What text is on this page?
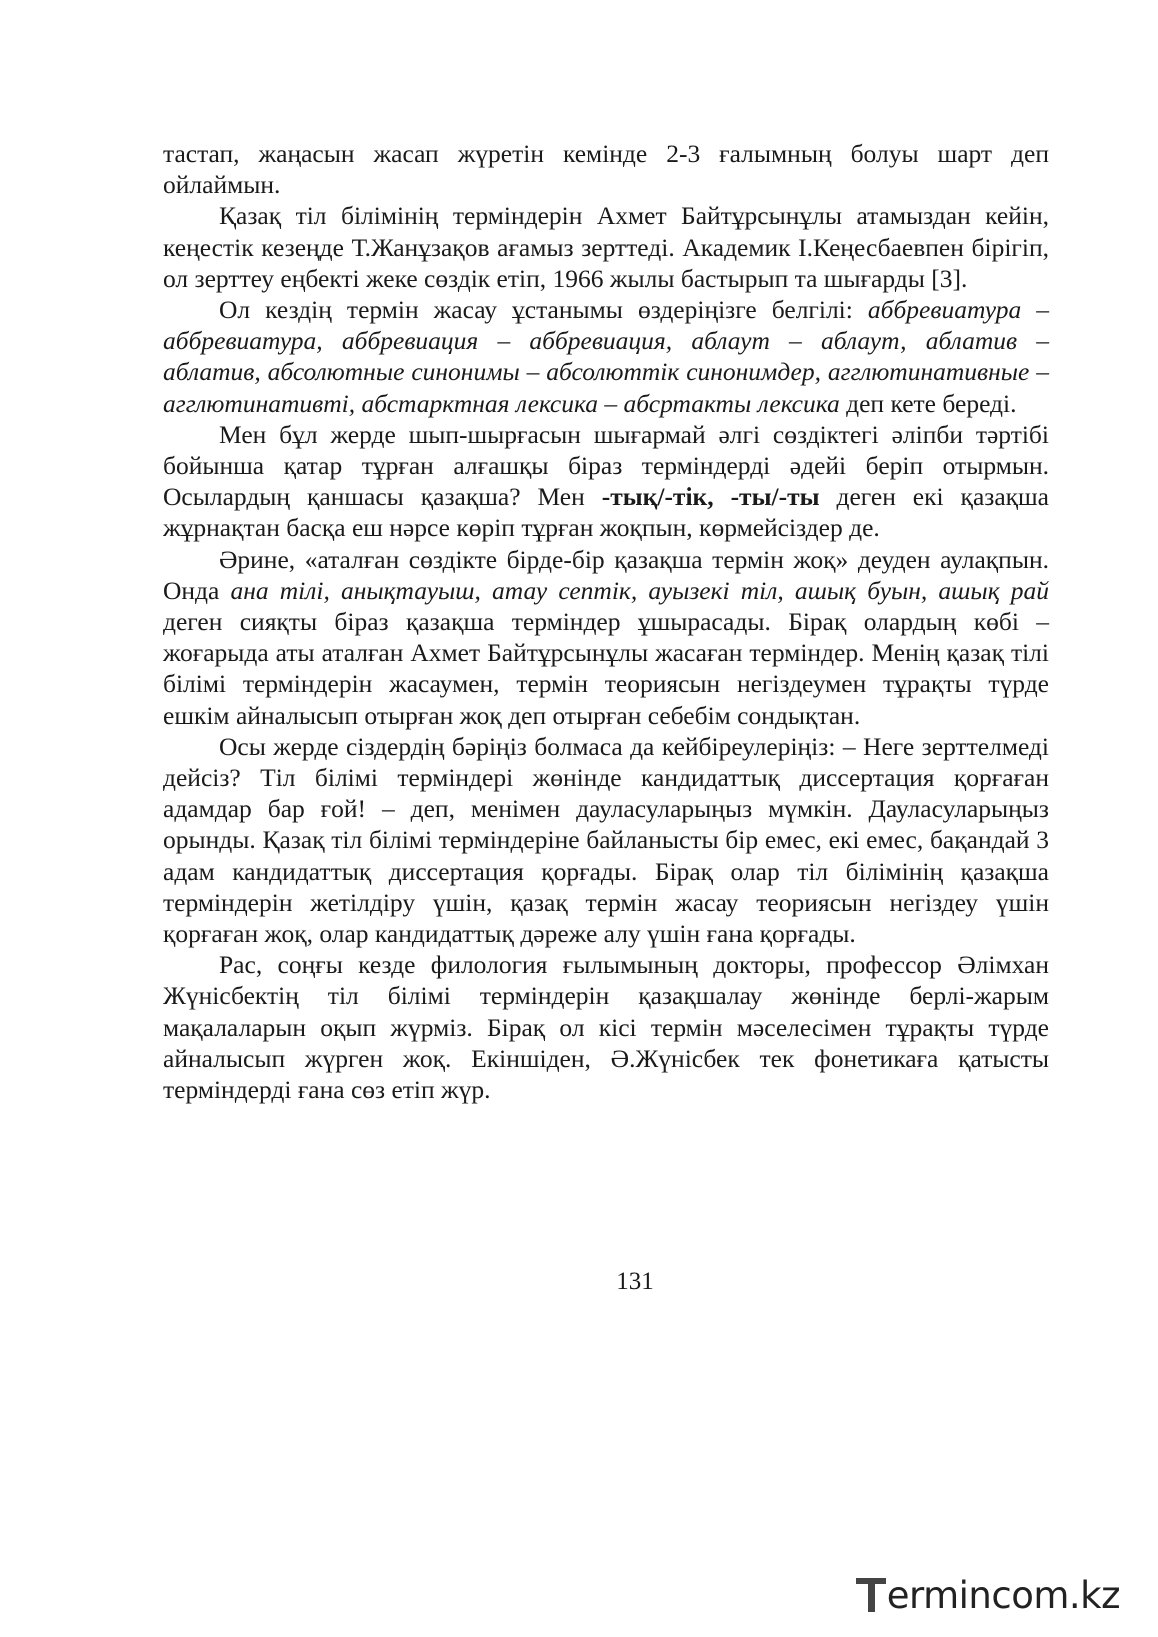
тастап, жаңасын жасап жүретін кемінде 2-3 ғалымның болуы шарт деп ойлаймын.

Қазақ тіл білімінің терміндерін Ахмет Байтұрсынұлы атамыздан кейін, кеңестік кезеңде Т.Жанұзақов ағамыз зерттеді. Академик І.Кеңесбаевпен бірігіп, ол зерттеу еңбекті жеке сөздік етіп, 1966 жылы бастырып та шығарды [3].

Ол кездің термін жасау ұстанымы өздеріңізге белгілі: аббревиатура – аббревиатура, аббревиация – аббревиация, аблаут – аблаут, аблатив – аблатив, абсолютные синонимы – абсолюттік синонимдер, агглютинативные – агглютинативті, абстарктная лексика – абсртакты лексика деп кете береді.

Мен бұл жерде шып-шырғасын шығармай әлгі сөздіктегі әліпби тәртібі бойынша қатар тұрған алғашқы біраз терміндерді әдейі беріп отырмын. Осылардың қаншасы қазақша? Мен -тық/-тік, -ты/-ты деген екі қазақша жұрнақтан басқа еш нәрсе көріп тұрған жоқпын, көрмейсіздер де.

Әрине, «аталған сөздікте бірде-бір қазақша термін жоқ» деуден аулақпын. Онда ана тілі, анықтауыш, атау септік, ауызекі тіл, ашық буын, ашық рай деген сияқты біраз қазақша терміндер ұшырасады. Бірақ олардың көбі – жоғарыда аты аталған Ахмет Байтұрсынұлы жасаған терміндер. Менің қазақ тілі білімі терміндерін жасаумен, термін теориясын негіздеумен тұрақты түрде ешкім айналысып отырған жоқ деп отырған себебім сондықтан.

Осы жерде сіздердің бәріңіз болмаса да кейбіреулеріңіз: – Неге зерттелмеді дейсіз? Тіл білімі терміндері жөнінде кандидаттық диссертация қорғаған адамдар бар ғой! – деп, менімен дауласуларыңыз мүмкін. Дауласуларыңыз орынды. Қазақ тіл білімі терміндеріне байланысты бір емес, екі емес, бақандай 3 адам кандидаттық диссертация қорғады. Бірақ олар тіл білімінің қазақша терміндерін жетілдіру үшін, қазақ термін жасау теориясын негіздеу үшін қорғаған жоқ, олар кандидаттық дәреже алу үшін ғана қорғады.

Рас, соңғы кезде филология ғылымының докторы, профессор Әлімхан Жүнісбектің тіл білімі терміндерін қазақшалау жөнінде берлі-жарым мақалаларын оқып жүрміз. Бірақ ол кісі термін мәселесімен тұрақты түрде айналысып жүрген жоқ. Екіншіден, Ә.Жүнісбек тек фонетикаға қатысты терміндерді ғана сөз етіп жүр.

131
ermincom.kz
